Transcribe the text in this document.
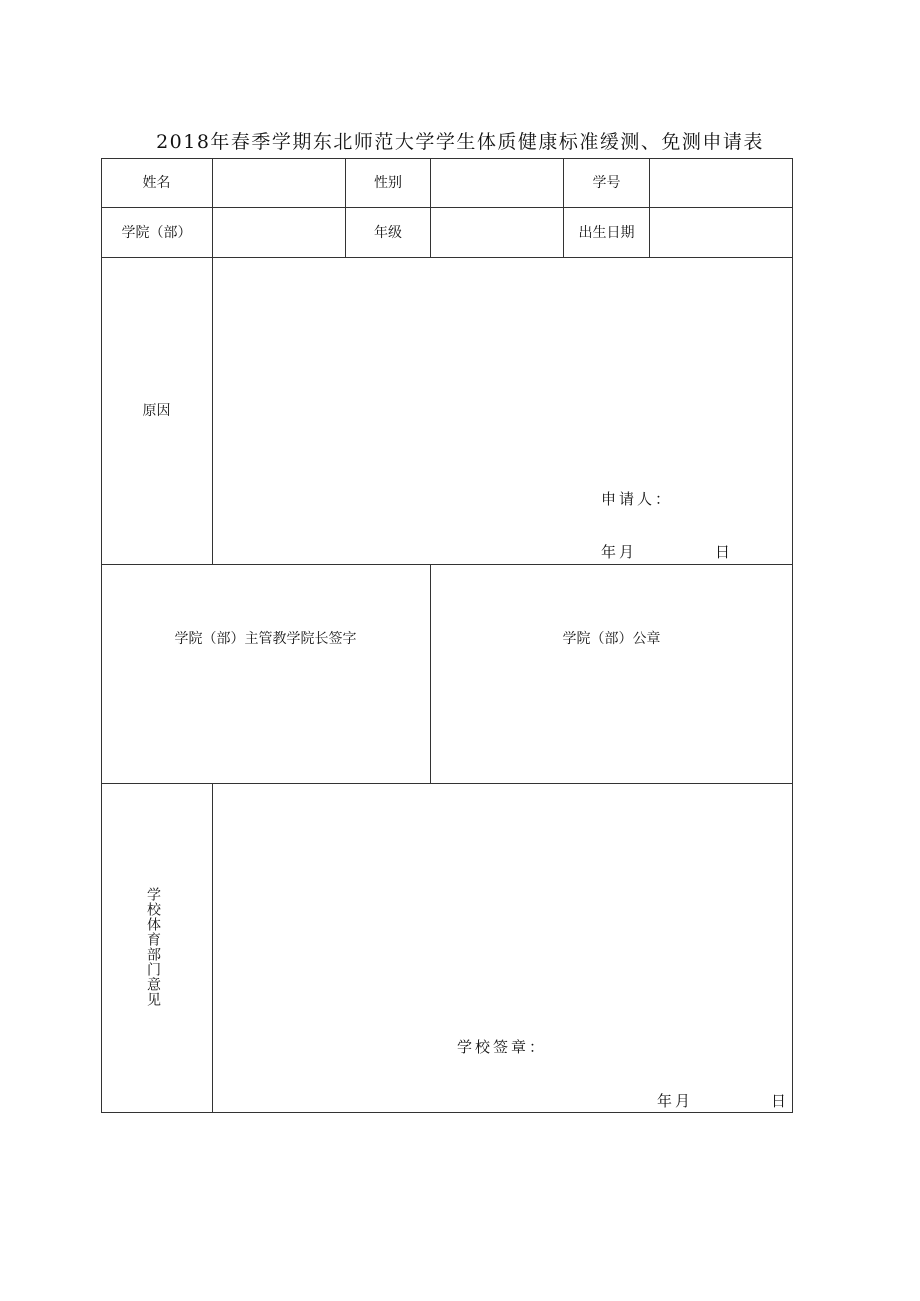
2018年春季学期东北师范大学学生体质健康标准缓测、免测申请表
姓名	性别	学号
学院（部）	年级	出生日期
原因
申请人：
年月	日
学院（部）主管教学院长签字	学院（部）公章
学校体育部门意见
学校签章：
年月	日
